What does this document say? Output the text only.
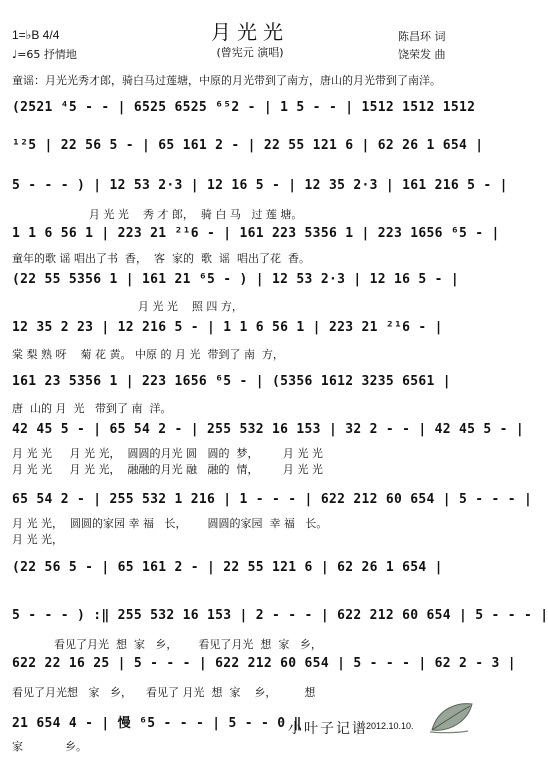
1=♭B 4/4
♩=65 抒情地
月光光
(曾宪元 演唱)
陈昌环 词
饶荣发 曲
童谣：月光光秀才郎，骑白马过莲塘，中原的月光带到了南方，唐山的月光带到了南洋。
(2521 ⁴5 - - | 6525 6525 ⁶⁵2 - | 1 5 - - | 1512 1512 1512
¹²5 | 22 56 5 - | 65 161 2 - | 22 55 121 6 | 62 26 1 654 |
5 - - - ) | 12 53 2·3 | 12 16 5 - | 12 35 2·3 | 161 216 5 - |
月 光 光    秀 才 郎，  骑 白 马   过 莲 塘。
1 1 6 56 1 | 223 21 ²¹6 - | 161 223 5356 1 | 223 1656 ⁶5 - |
童年的歌 谣 唱出了书  香，  客  家的  歌  谣  唱出了花  香。
(22 55 5356 1 | 161 21 ⁶5 - ) | 12 53 2·3 | 12 16 5 - |
月 光 光    照 四 方，
12 35 2 23 | 12 216 5 - | 1 1 6 56 1 | 223 21 ²¹6 - |
棠 梨 熟 呀    菊 花 黄。 中原 的 月 光  带到了 南  方，
161 23 5356 1 | 223 1656 ⁶5 - | (5356 1612 3235 6561 |
唐  山的 月  光   带到了 南  洋。
42 45 5 - | 65 54 2 - | 255 532 16 153 | 32 2 - - | 42 45 5 - |
月 光 光     月 光 光，  圆圆的月光 圆   圆的  梦，       月 光 光
月 光 光     月 光 光，  融融的月光 融   融的  情，       月 光 光
65 54 2 - | 255 532 1 216 | 1 - - - | 622 212 60 654 | 5 - - - |
月 光 光，  圆圆的家园 幸 福   长，      圆圆的家园  幸 福   长。
月 光 光，
(22 56 5 - | 65 161 2 - | 22 55 121 6 | 62 26 1 654 |
5 - - - ) :‖ 255 532 16 153 | 2 - - - | 622 212 60 654 | 5 - - - |
看见了月光  想  家   乡，      看见了月光  想  家   乡，
622 22 16 25 | 5 - - - | 622 212 60 654 | 5 - - - | 62 2 - 3 |
看见了月光想   家   乡，    看见了 月光  想  家    乡，        想
21 654 4 - | 慢 ⁶5 - - - | 5 - - 0 ‖
家            乡。
小叶子记谱
2012.10.10.
